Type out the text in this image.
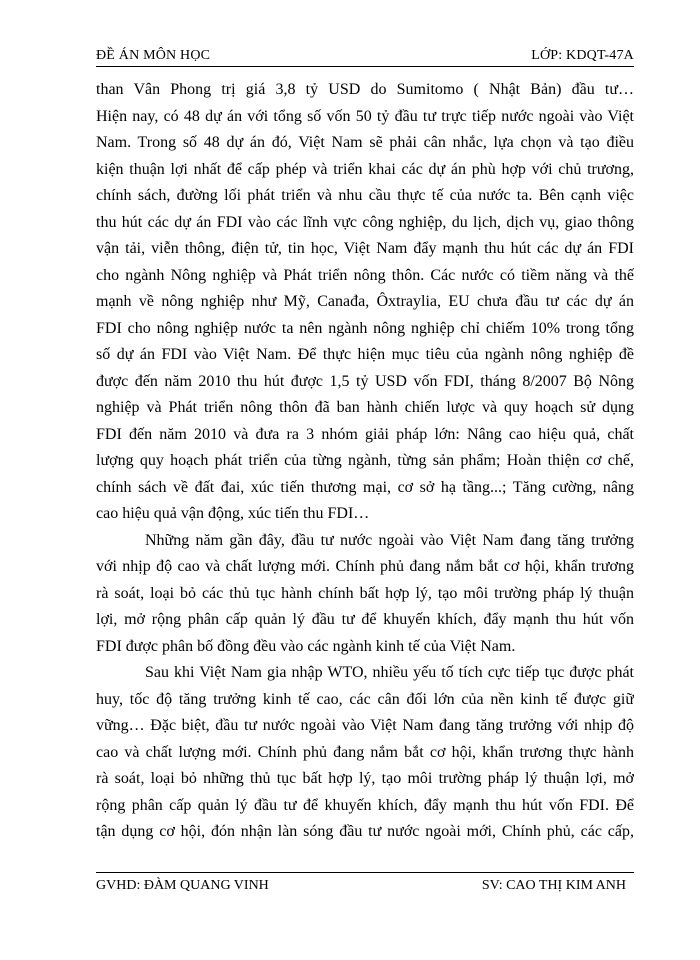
ĐỀ ÁN MÔN HỌC	LỚP: KDQT-47A
than Vân Phong trị giá 3,8 tỷ USD do Sumitomo ( Nhật Bản) đầu tư…
Hiện nay, có 48 dự án với tổng số vốn 50 tỷ đầu tư trực tiếp nước ngoài vào Việt
Nam. Trong số 48 dự án đó, Việt Nam sẽ phải cân nhắc, lựa chọn và tạo điều
kiện thuận lợi nhất để cấp phép và triển khai các dự án phù hợp với chủ trương,
chính sách, đường lối phát triển và nhu cầu thực tế của nước ta. Bên cạnh việc
thu hút các dự án FDI vào các lĩnh vực công nghiệp, du lịch, dịch vụ, giao thông
vận tải, viễn thông, điện tử, tin học, Việt Nam đẩy mạnh thu hút các dự án FDI
cho ngành Nông nghiệp và Phát triển nông thôn. Các nước có tiềm năng và thế
mạnh về nông nghiệp như Mỹ, Canađa, Ôxtraylia, EU chưa đầu tư các dự án
FDI cho nông nghiệp nước ta nên ngành nông nghiệp chỉ chiếm 10% trong tổng
số dự án FDI vào Việt Nam. Để thực hiện mục tiêu của ngành nông nghiệp đề
được đến năm 2010 thu hút được 1,5 tỷ USD vốn FDI, tháng 8/2007 Bộ Nông
nghiệp và Phát triển nông thôn đã ban hành chiến lược và quy hoạch sử dụng
FDI đến năm 2010 và đưa ra 3 nhóm giải pháp lớn: Nâng cao hiệu quả, chất
lượng quy hoạch phát triển của từng ngành, từng sản phẩm; Hoàn thiện cơ chế,
chính sách về đất đai, xúc tiến thương mại, cơ sở hạ tầng...; Tăng cường, nâng
cao hiệu quả vận động, xúc tiến thu FDI…
Những năm gần đây, đầu tư nước ngoài vào Việt Nam đang tăng trưởng
với nhịp độ cao và chất lượng mới. Chính phủ đang nắm bắt cơ hội, khẩn trương
rà soát, loại bỏ các thủ tục hành chính bất hợp lý, tạo môi trường pháp lý thuận
lợi, mở rộng phân cấp quản lý đầu tư để khuyến khích, đẩy mạnh thu hút vốn
FDI được phân bố đồng đều vào các ngành kinh tế của Việt Nam.
Sau khi Việt Nam gia nhập WTO, nhiều yếu tố tích cực tiếp tục được phát
huy, tốc độ tăng trưởng kinh tế cao, các cân đối lớn của nền kinh tế được giữ
vững… Đặc biệt, đầu tư nước ngoài vào Việt Nam đang tăng trưởng với nhịp độ
cao và chất lượng mới. Chính phủ đang nắm bắt cơ hội, khẩn trương thực hành
rà soát, loại bỏ những thủ tục bất hợp lý, tạo môi trường pháp lý thuận lợi, mở
rộng phân cấp quản lý đầu tư để khuyến khích, đẩy mạnh thu hút vốn FDI. Để
tận dụng cơ hội, đón nhận làn sóng đầu tư nước ngoài mới, Chính phủ, các cấp,
GVHD: ĐÀM QUANG VINH	SV: CAO THỊ KIM ANH
